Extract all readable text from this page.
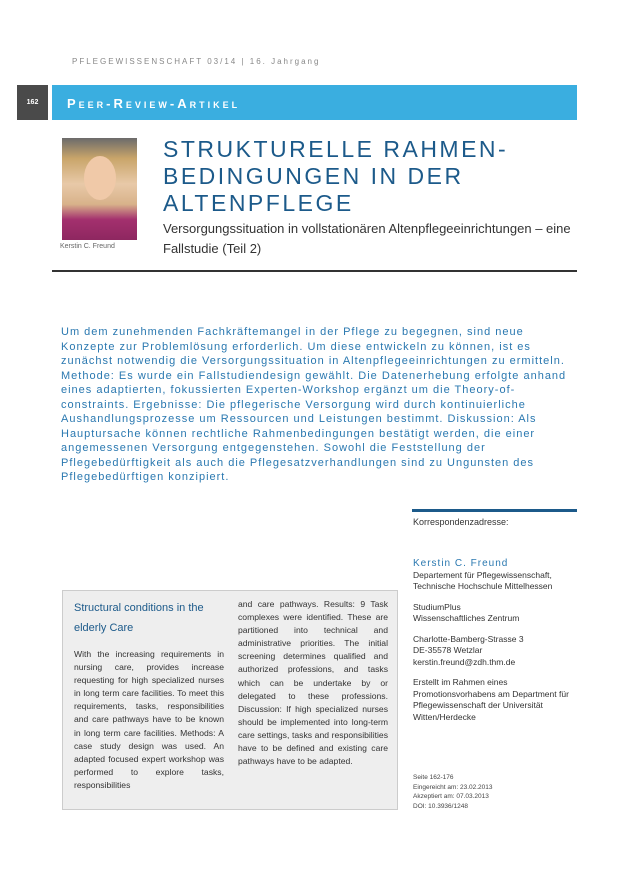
PFLEGEWISSENSCHAFT 03/14 | 16. Jahrgang
162	Peer-Review-Artikel
Kerstin C. Freund
STRUKTURELLE RAHMEN-
BEDINGUNGEN IN DER
ALTENPFLEGE
Versorgungssituation in vollstationären Altenpflegeeinrichtungen – eine Fallstudie (Teil 2)
Um dem zunehmenden Fachkräftemangel in der Pflege zu begegnen, sind neue Konzepte zur Problemlösung erforderlich. Um diese entwickeln zu können, ist es zunächst notwendig die Versorgungssituation in Altenpflegeeinrichtungen zu ermitteln. Methode: Es wurde ein Fallstudiendesign gewählt. Die Datenerhebung erfolgte anhand eines adaptierten, fokussierten Experten-Workshop ergänzt um die Theory-of-constraints. Ergebnisse: Die pflegerische Versorgung wird durch kontinuierliche Aushandlungsprozesse um Ressourcen und Leistungen bestimmt. Diskussion: Als Hauptursache können rechtliche Rahmenbedingungen bestätigt werden, die einer angemessenen Versorgung entgegenstehen. Sowohl die Feststellung der Pflegebedürftigkeit als auch die Pflegesatzverhandlungen sind zu Ungunsten des Pflegebedürftigen konzipiert.
Korrespondenzadresse:

Kerstin C. Freund
Departement für Pflegewissenschaft,
Technische Hochschule Mittelhessen

StudiumPlus
Wissenschaftliches Zentrum

Charlotte-Bamberg-Strasse 3
DE-35578 Wetzlar
kerstin.freund@zdh.thm.de

Erstellt im Rahmen eines Promotionsvorhabens am Department für Pflegewissenschaft der Universität Witten/Herdecke

Seite 162-176
Eingereicht am: 23.02.2013
Akzeptiert am: 07.03.2013
DOI: 10.3936/1248
Structural conditions in the elderly Care
With the increasing requirements in nursing care, provides increase requesting for high specialized nurses in long term care facilities. To meet this requirements, tasks, responsibilities and care pathways have to be known in long term care facilities. Methods: A case study design was used. An adapted focused expert workshop was performed to explore tasks, responsibilities
and care pathways. Results: 9 Task complexes were identified. These are partitioned into technical and administrative priorities. The initial screening determines qualified and authorized professions, and tasks which can be undertake by or delegated to these professions. Discussion: If high specialized nurses should be implemented into long-term care settings, tasks and responsibilities have to be defined and existing care pathways have to be adapted.
